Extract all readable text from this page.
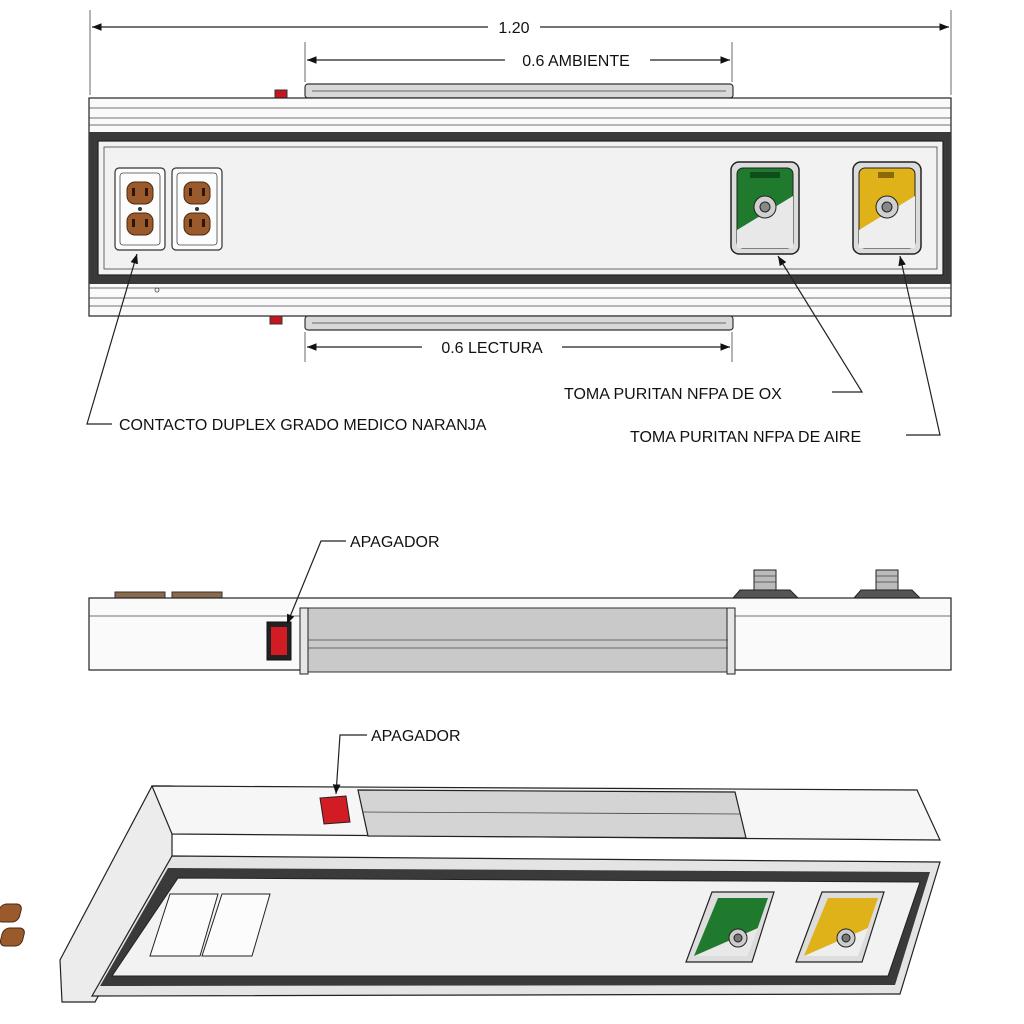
1.20
0.6 AMBIENTE
0.6 LECTURA
CONTACTO DUPLEX GRADO MEDICO NARANJA
TOMA PURITAN NFPA DE OX
TOMA PURITAN NFPA DE AIRE
APAGADOR
APAGADOR
